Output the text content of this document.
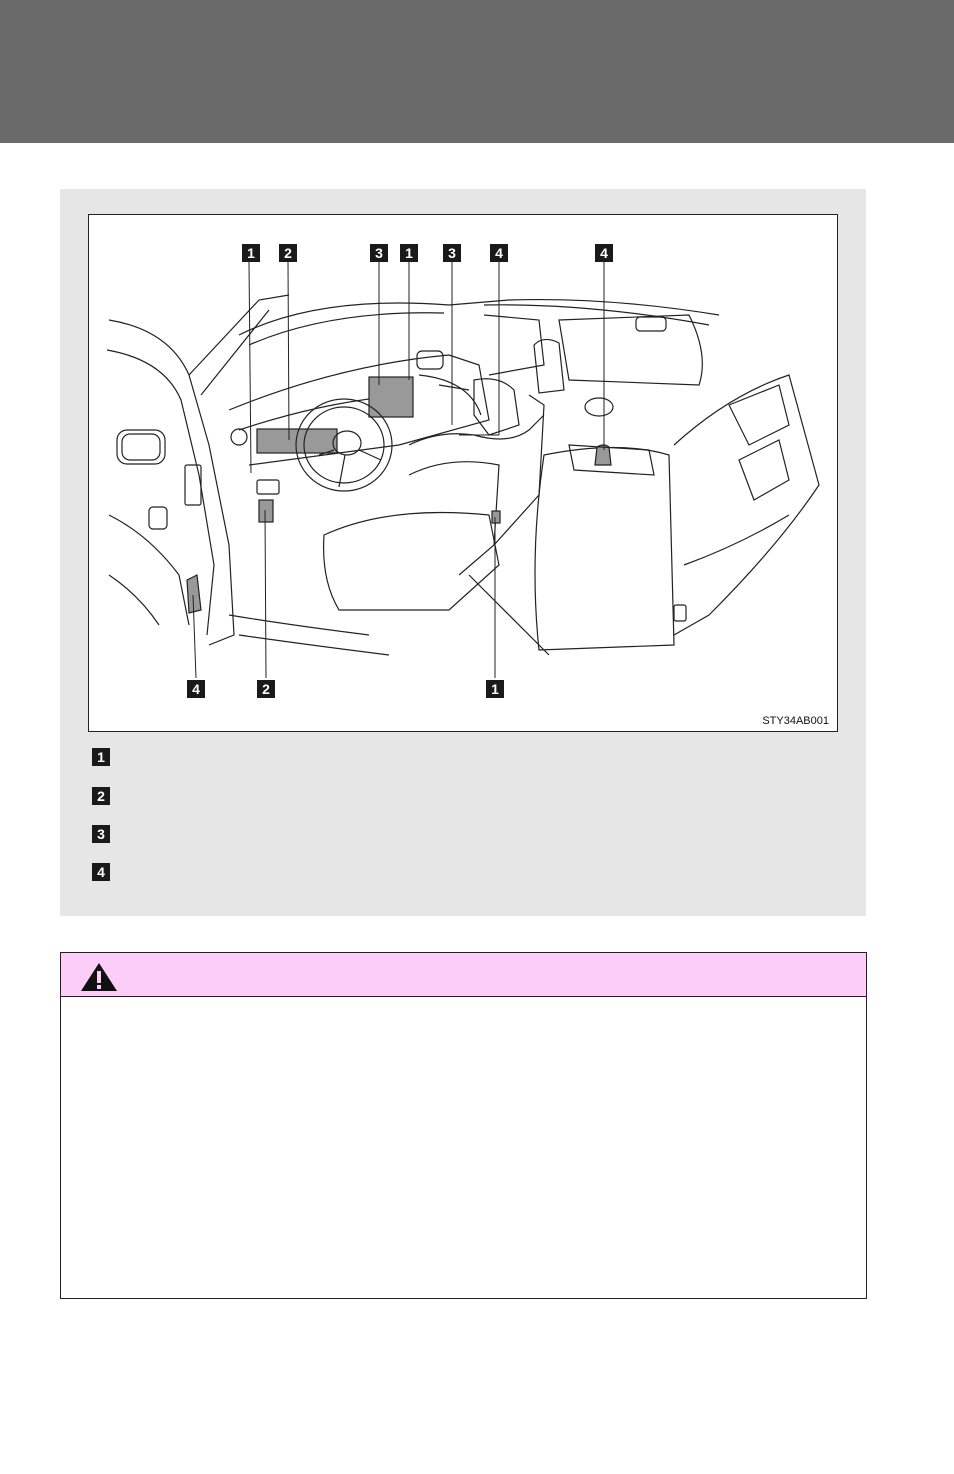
1	2	3	1	3	4	4
4	2	1
STY34AB001
1
2
3
4
